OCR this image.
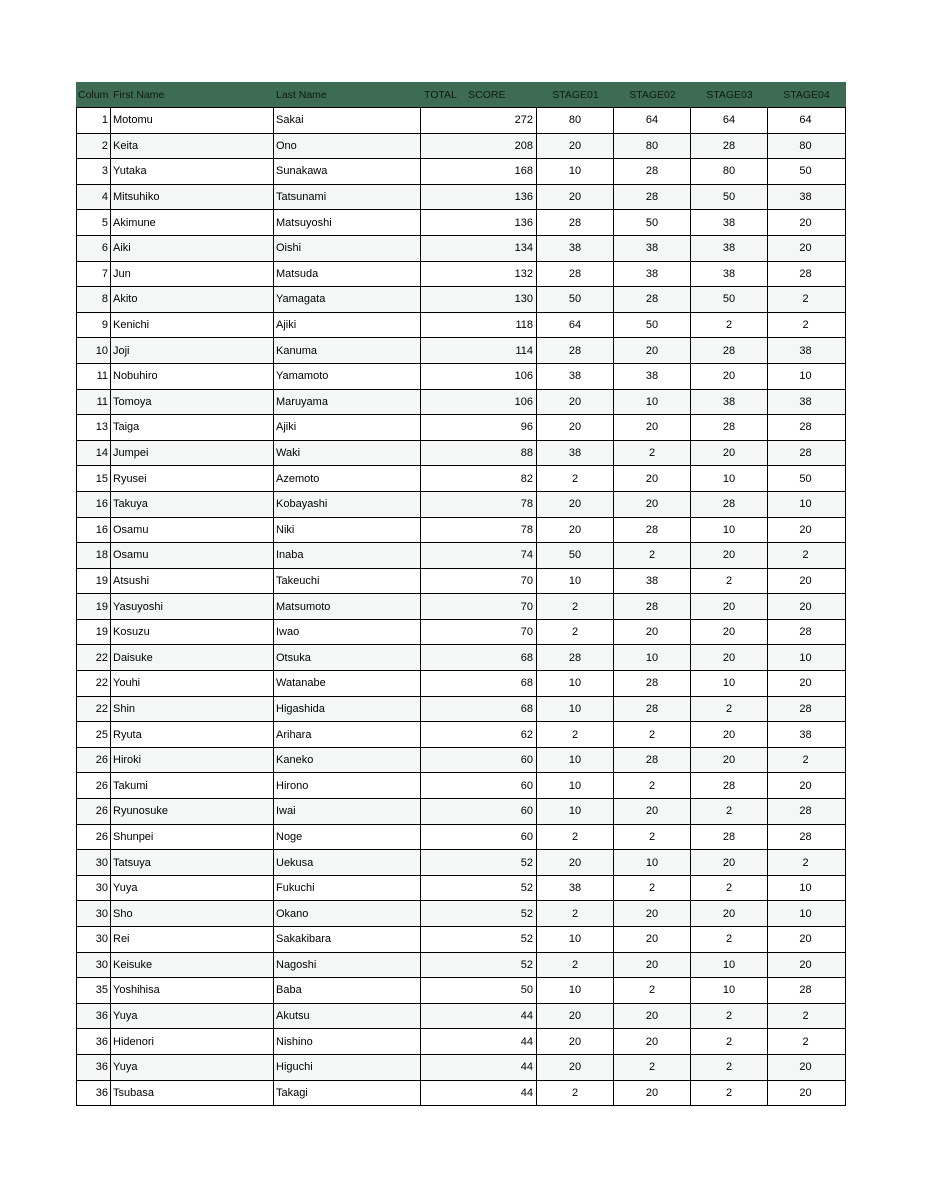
Colum First Name	Last Name	TOTAL    SCORE	STAGE01	STAGE02	STAGE03	STAGE04
1 Motomu	Sakai	272	80	64	64	64
2 Keita	Ono	208	20	80	28	80
3 Yutaka	Sunakawa	168	10	28	80	50
4 Mitsuhiko	Tatsunami	136	20	28	50	38
5 Akimune	Matsuyoshi	136	28	50	38	20
6 Aiki	Oishi	134	38	38	38	20
7 Jun	Matsuda	132	28	38	38	28
8 Akito	Yamagata	130	50	28	50	2
9 Kenichi	Ajiki	118	64	50	2	2
10 Joji	Kanuma	114	28	20	28	38
11 Nobuhiro	Yamamoto	106	38	38	20	10
11 Tomoya	Maruyama	106	20	10	38	38
13 Taiga	Ajiki	96	20	20	28	28
14 Jumpei	Waki	88	38	2	20	28
15 Ryusei	Azemoto	82	2	20	10	50
16 Takuya	Kobayashi	78	20	20	28	10
16 Osamu	Niki	78	20	28	10	20
18 Osamu	Inaba	74	50	2	20	2
19 Atsushi	Takeuchi	70	10	38	2	20
19 Yasuyoshi	Matsumoto	70	2	28	20	20
19 Kosuzu	Iwao	70	2	20	20	28
22 Daisuke	Otsuka	68	28	10	20	10
22 Youhi	Watanabe	68	10	28	10	20
22 Shin	Higashida	68	10	28	2	28
25 Ryuta	Arihara	62	2	2	20	38
26 Hiroki	Kaneko	60	10	28	20	2
26 Takumi	Hirono	60	10	2	28	20
26 Ryunosuke	Iwai	60	10	20	2	28
26 Shunpei	Noge	60	2	2	28	28
30 Tatsuya	Uekusa	52	20	10	20	2
30 Yuya	Fukuchi	52	38	2	2	10
30 Sho	Okano	52	2	20	20	10
30 Rei	Sakakibara	52	10	20	2	20
30 Keisuke	Nagoshi	52	2	20	10	20
35 Yoshihisa	Baba	50	10	2	10	28
36 Yuya	Akutsu	44	20	20	2	2
36 Hidenori	Nishino	44	20	20	2	2
36 Yuya	Higuchi	44	20	2	2	20
36 Tsubasa	Takagi	44	2	20	2	20
